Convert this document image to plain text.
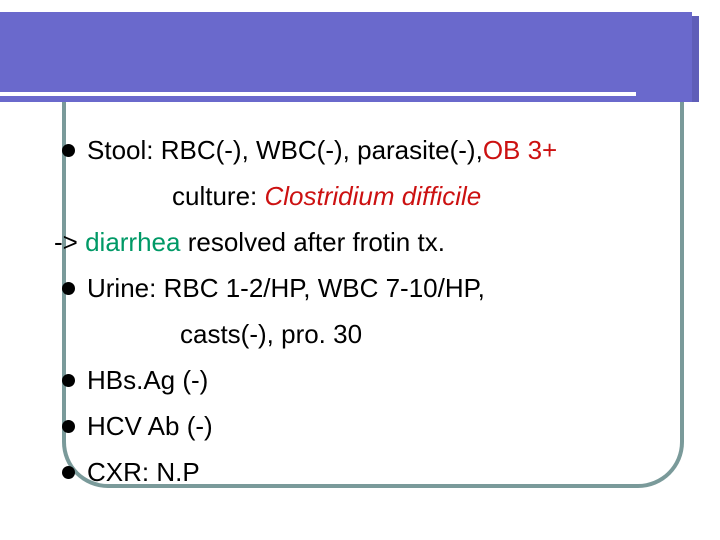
Stool: RBC(-), WBC(-), parasite(-),OB 3+
culture: Clostridium difficile
-> diarrhea resolved after frotin tx.
Urine: RBC 1-2/HP, WBC 7-10/HP,
casts(-), pro. 30
HBs.Ag (-)
HCV Ab (-)
CXR: N.P
